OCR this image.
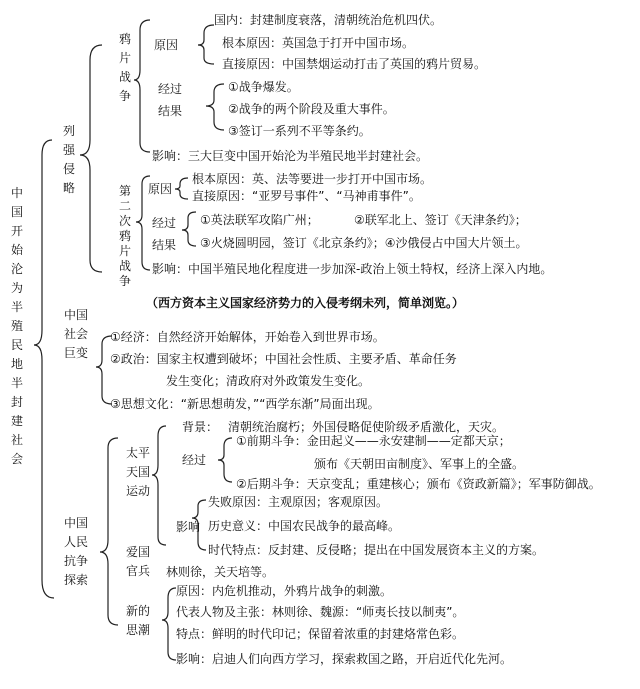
中国开始沦为半殖民地半封建社会
列强侵略
鸦片战争
原因
国内：封建制度衰落，清朝统治危机四伏。
根本原因：英国急于打开中国市场。
直接原因：中国禁烟运动打击了英国的鸦片贸易。
经过
结果
①战争爆发。
②战争的两个阶段及重大事件。
③签订一系列不平等条约。
影响：三大巨变中国开始沦为半殖民地半封建社会。
第二次鸦片战争
原因
根本原因：英、法等要进一步打开中国市场。
直接原因：“亚罗号事件”、“马神甫事件”。
经过
结果
①英法联军攻陷广州；	②联军北上、签订《天津条约》；
③火烧圆明园，签订《北京条约》；④沙俄侵占中国大片领土。
影响：中国半殖民地化程度进一步加深-政治上领土特权，经济上深入内地。
（西方资本主义国家经济势力的入侵考纲未列，简单浏览。）
中国社会巨变
①经济：自然经济开始解体，开始卷入到世界市场。
②政治：国家主权遭到破坏；中国社会性质、主要矛盾、革命任务
发生变化；清政府对外政策发生变化。
③思想文化：“新思想萌发，”“西学东渐”局面出现。
中国人民抗争探索
太平天国运动
背景： 清朝统治腐朽；外国侵略促使阶级矛盾激化，天灾。
经过
①前期斗争：金田起义——永安建制——定都天京；
颁布《天朝田亩制度》、军事上的全盛。
②后期斗争：天京变乱；重建核心；颁布《资政新篇》；军事防御战。
影响
失败原因：主观原因；客观原因。
历史意义：中国农民战争的最高峰。
时代特点：反封建、反侵略；提出在中国发展资本主义的方案。
爱国官兵 林则徐，关天培等。
新的思潮
原因：内危机推动，外鸦片战争的刺激。
代表人物及主张：林则徐、魏源：“师夷长技以制夷”。
特点：鲜明的时代印记；保留着浓重的封建烙常色彩。
影响：启迪人们向西方学习，探索救国之路，开启近代化先河。
